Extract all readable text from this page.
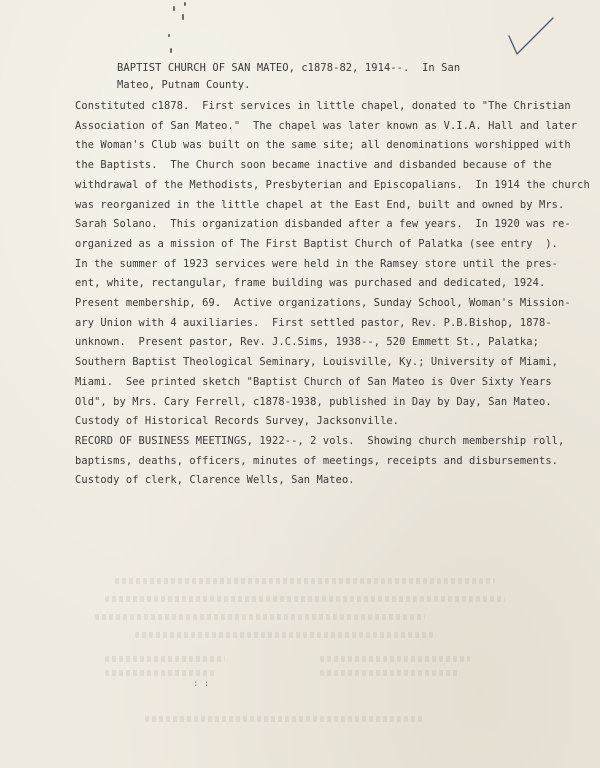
BAPTIST CHURCH OF SAN MATEO, c1878-82, 1914--.  In San
Mateo, Putnam County.
Constituted c1878.  First services in little chapel, donated to "The Christian
Association of San Mateo."  The chapel was later known as V.I.A. Hall and later
the Woman's Club was built on the same site; all denominations worshipped with
the Baptists.  The Church soon became inactive and disbanded because of the
withdrawal of the Methodists, Presbyterian and Episcopalians.  In 1914 the church
was reorganized in the little chapel at the East End, built and owned by Mrs.
Sarah Solano.  This organization disbanded after a few years.  In 1920 was re-
organized as a mission of The First Baptist Church of Palatka (see entry  ).
In the summer of 1923 services were held in the Ramsey store until the pres-
ent, white, rectangular, frame building was purchased and dedicated, 1924.
Present membership, 69.  Active organizations, Sunday School, Woman's Mission-
ary Union with 4 auxiliaries.  First settled pastor, Rev. P.B.Bishop, 1878-
unknown.  Present pastor, Rev. J.C.Sims, 1938--, 520 Emmett St., Palatka;
Southern Baptist Theological Seminary, Louisville, Ky.; University of Miami,
Miami.  See printed sketch "Baptist Church of San Mateo is Over Sixty Years
Old", by Mrs. Cary Ferrell, c1878-1938, published in Day by Day, San Mateo.
Custody of Historical Records Survey, Jacksonville.
RECORD OF BUSINESS MEETINGS, 1922--, 2 vols.  Showing church membership roll,
baptisms, deaths, officers, minutes of meetings, receipts and disbursements.
Custody of clerk, Clarence Wells, San Mateo.
: :
